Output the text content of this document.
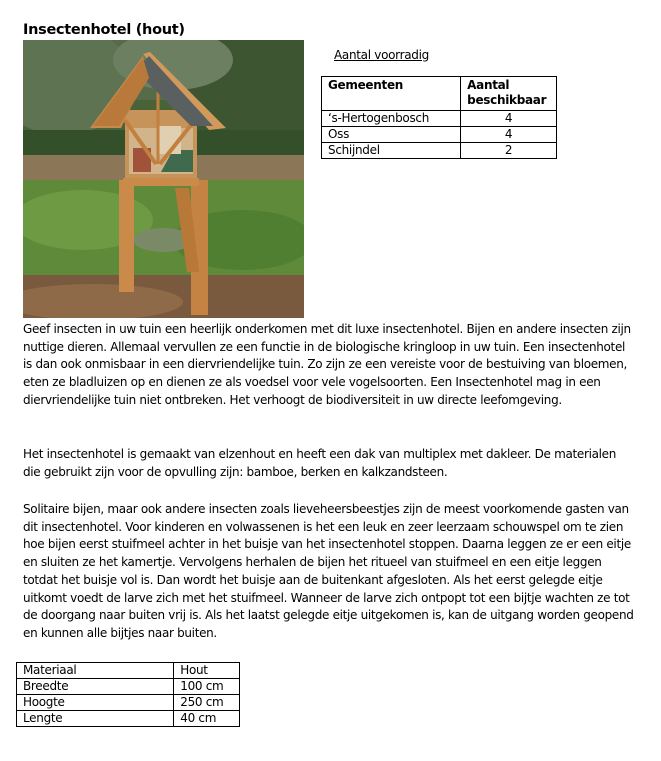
Insectenhotel (hout)
Aantal voorradig
Gemeenten	Aantal beschikbaar
‘s-Hertogenbosch	4
Oss	4
Schijndel	2

Geef insecten in uw tuin een heerlijk onderkomen met dit luxe insectenhotel. Bijen en andere insecten zijn nuttige dieren. Allemaal vervullen ze een functie in de biologische kringloop in uw tuin. Een insectenhotel is dan ook onmisbaar in een diervriendelijke tuin. Zo zijn ze een vereiste voor de bestuiving van bloemen, eten ze bladluizen op en dienen ze als voedsel voor vele vogelsoorten. Een Insectenhotel mag in een diervriendelijke tuin niet ontbreken. Het verhoogt de biodiversiteit in uw directe leefomgeving.

Het insectenhotel is gemaakt van elzenhout en heeft een dak van multiplex met dakleer. De materialen die gebruikt zijn voor de opvulling zijn: bamboe, berken en kalkzandsteen.

Solitaire bijen, maar ook andere insecten zoals lieveheersbeestjes zijn de meest voorkomende gasten van dit insectenhotel. Voor kinderen en volwassenen is het een leuk en zeer leerzaam schouwspel om te zien hoe bijen eerst stuifmeel achter in het buisje van het insectenhotel stoppen. Daarna leggen ze er een eitje en sluiten ze het kamertje. Vervolgens herhalen de bijen het ritueel van stuifmeel en een eitje leggen totdat het buisje vol is. Dan wordt het buisje aan de buitenkant afgesloten. Als het eerst gelegde eitje uitkomt voedt de larve zich met het stuifmeel. Wanneer de larve zich ontpopt tot een bijtje wachten ze tot de doorgang naar buiten vrij is. Als het laatst gelegde eitje uitgekomen is, kan de uitgang worden geopend en kunnen alle bijtjes naar buiten.

Materiaal	Hout
Breedte	100 cm
Hoogte	250 cm
Lengte	40 cm
